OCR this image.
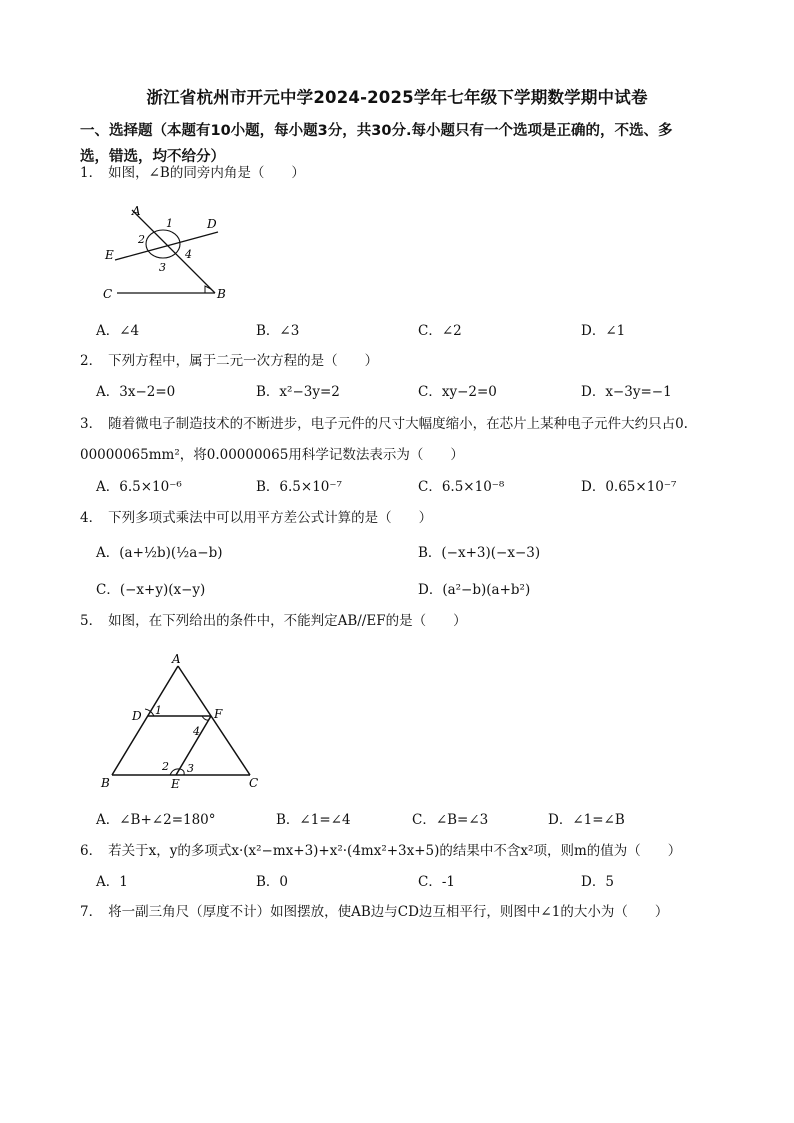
浙江省杭州市开元中学2024-2025学年七年级下学期数学期中试卷
一、选择题（本题有10小题，每小题3分，共30分.每小题只有一个选项是正确的，不选、多
选，错选，均不给分）
1． 如图，∠B的同旁内角是（　　）
A
1	D
2
4
E
3
C	B
A．∠4	B．∠3	C．∠2	D．∠1
2． 下列方程中，属于二元一次方程的是（　　）
A．3x−2=0	B．x²−3y=2	C．xy−2=0	D．x−3y=−1
3． 随着微电子制造技术的不断进步，电子元件的尺寸大幅度缩小，在芯片上某种电子元件大约只占0.
00000065mm²，将0.00000065用科学记数法表示为（　　）
A．6.5×10⁻⁶	B．6.5×10⁻⁷	C．6.5×10⁻⁸	D．0.65×10⁻⁷
4． 下列多项式乘法中可以用平方差公式计算的是（　　）
A．(a+½b)(½a−b)	B．(−x+3)(−x−3)
C．(−x+y)(x−y)	D．(a²−b)(a+b²)
5． 如图，在下列给出的条件中，不能判定AB//EF的是（　　）
A
D 1	F
4
2 3
B	E	C
A．∠B+∠2=180°	B．∠1=∠4	C．∠B=∠3	D．∠1=∠B
6． 若关于x，y的多项式x·(x²−mx+3)+x²·(4mx²+3x+5)的结果中不含x²项，则m的值为（　　）
A．1	B．0	C．-1	D．5
7． 将一副三角尺（厚度不计）如图摆放，使AB边与CD边互相平行，则图中∠1的大小为（　　）
